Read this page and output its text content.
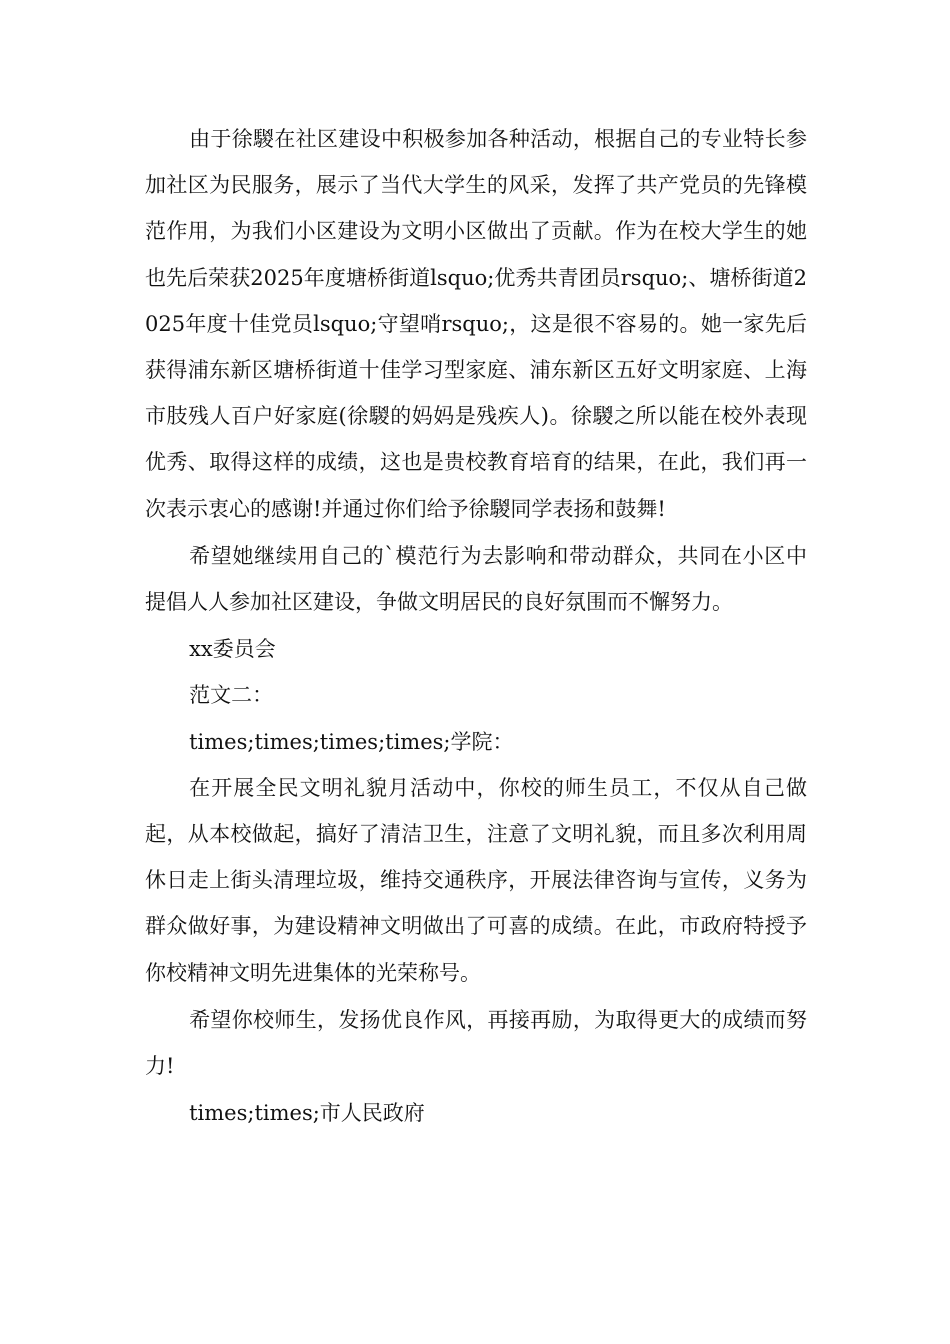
由于徐騣在社区建设中积极参加各种活动，根据自己的专业特长参加社区为民服务，展示了当代大学生的风采，发挥了共产党员的先锋模范作用，为我们小区建设为文明小区做出了贡献。作为在校大学生的她也先后荣获2025年度塘桥街道lsquo;优秀共青团员rsquo;、塘桥街道2025年度十佳党员lsquo;守望哨rsquo;，这是很不容易的。她一家先后获得浦东新区塘桥街道十佳学习型家庭、浦东新区五好文明家庭、上海市肢残人百户好家庭(徐騣的妈妈是残疾人)。徐騣之所以能在校外表现优秀、取得这样的成绩，这也是贵校教育培育的结果，在此，我们再一次表示衷心的感谢!并通过你们给予徐騣同学表扬和鼓舞!

希望她继续用自己的`模范行为去影响和带动群众，共同在小区中提倡人人参加社区建设，争做文明居民的良好氛围而不懈努力。

xx委员会

范文二：

times;times;times;times;学院：

在开展全民文明礼貌月活动中，你校的师生员工，不仅从自己做起，从本校做起，搞好了清洁卫生，注意了文明礼貌，而且多次利用周休日走上街头清理垃圾，维持交通秩序，开展法律咨询与宣传，义务为群众做好事，为建设精神文明做出了可喜的成绩。在此，市政府特授予你校精神文明先进集体的光荣称号。

希望你校师生，发扬优良作风，再接再励，为取得更大的成绩而努力!

times;times;市人民政府
